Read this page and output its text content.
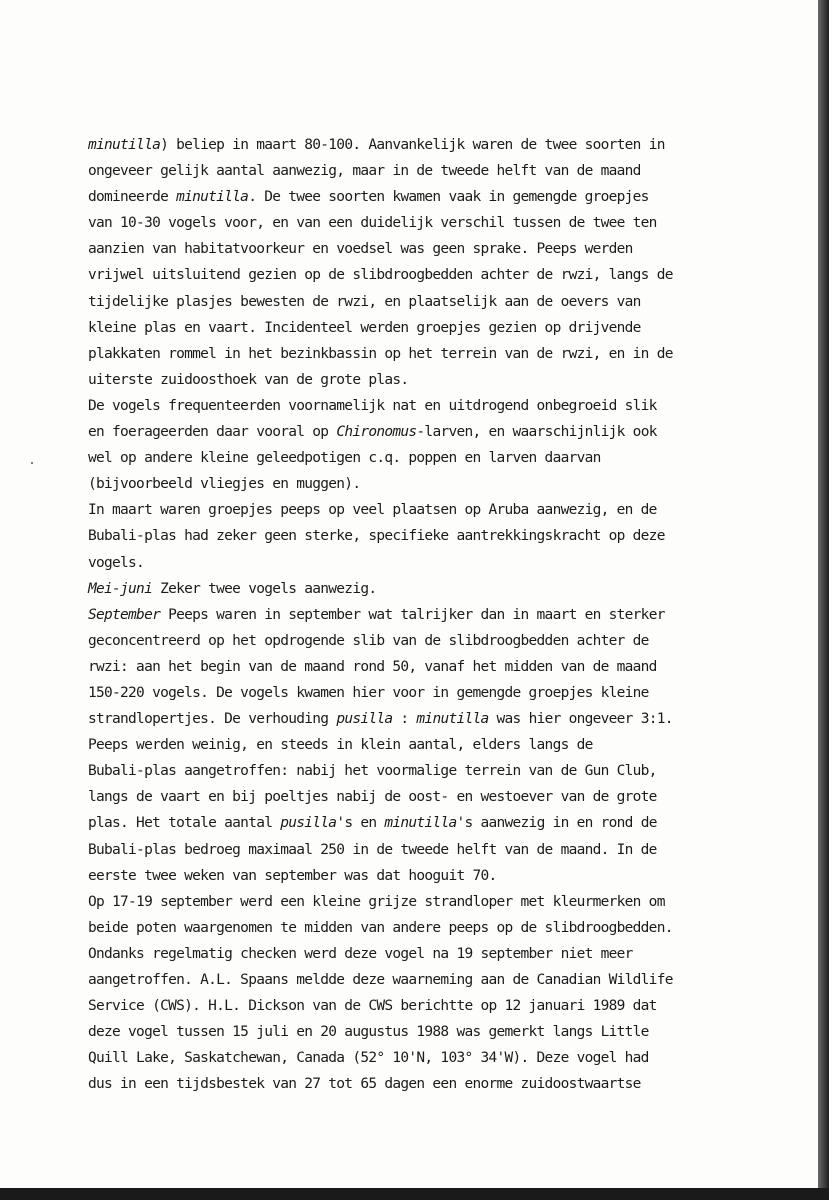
minutilla) beliep in maart 80-100. Aanvankelijk waren de twee soorten in
ongeveer gelijk aantal aanwezig, maar in de tweede helft van de maand
domineerde minutilla. De twee soorten kwamen vaak in gemengde groepjes
van 10-30 vogels voor, en van een duidelijk verschil tussen de twee ten
aanzien van habitatvoorkeur en voedsel was geen sprake. Peeps werden
vrijwel uitsluitend gezien op de slibdroogbedden achter de rwzi, langs de
tijdelijke plasjes bewesten de rwzi, en plaatselijk aan de oevers van
kleine plas en vaart. Incidenteel werden groepjes gezien op drijvende
plakkaten rommel in het bezinkbassin op het terrein van de rwzi, en in de
uiterste zuidoosthoek van de grote plas.
De vogels frequenteerden voornamelijk nat en uitdrogend onbegroeid slik
en foerageerden daar vooral op Chironomus-larven, en waarschijnlijk ook
wel op andere kleine geleedpotigen c.q. poppen en larven daarvan
(bijvoorbeeld vliegjes en muggen).
In maart waren groepjes peeps op veel plaatsen op Aruba aanwezig, en de
Bubali-plas had zeker geen sterke, specifieke aantrekkingskracht op deze
vogels.
Mei-juni Zeker twee vogels aanwezig.
September Peeps waren in september wat talrijker dan in maart en sterker
geconcentreerd op het opdrogende slib van de slibdroogbedden achter de
rwzi: aan het begin van de maand rond 50, vanaf het midden van de maand
150-220 vogels. De vogels kwamen hier voor in gemengde groepjes kleine
strandlopertjes. De verhouding pusilla : minutilla was hier ongeveer 3:1.
Peeps werden weinig, en steeds in klein aantal, elders langs de
Bubali-plas aangetroffen: nabij het voormalige terrein van de Gun Club,
langs de vaart en bij poeltjes nabij de oost- en westoever van de grote
plas. Het totale aantal pusilla's en minutilla's aanwezig in en rond de
Bubali-plas bedroeg maximaal 250 in de tweede helft van de maand. In de
eerste twee weken van september was dat hooguit 70.
Op 17-19 september werd een kleine grijze strandloper met kleurmerken om
beide poten waargenomen te midden van andere peeps op de slibdroogbedden.
Ondanks regelmatig checken werd deze vogel na 19 september niet meer
aangetroffen. A.L. Spaans meldde deze waarneming aan de Canadian Wildlife
Service (CWS). H.L. Dickson van de CWS berichtte op 12 januari 1989 dat
deze vogel tussen 15 juli en 20 augustus 1988 was gemerkt langs Little
Quill Lake, Saskatchewan, Canada (52° 10'N, 103° 34'W). Deze vogel had
dus in een tijdsbestek van 27 tot 65 dagen een enorme zuidoostwaartse
